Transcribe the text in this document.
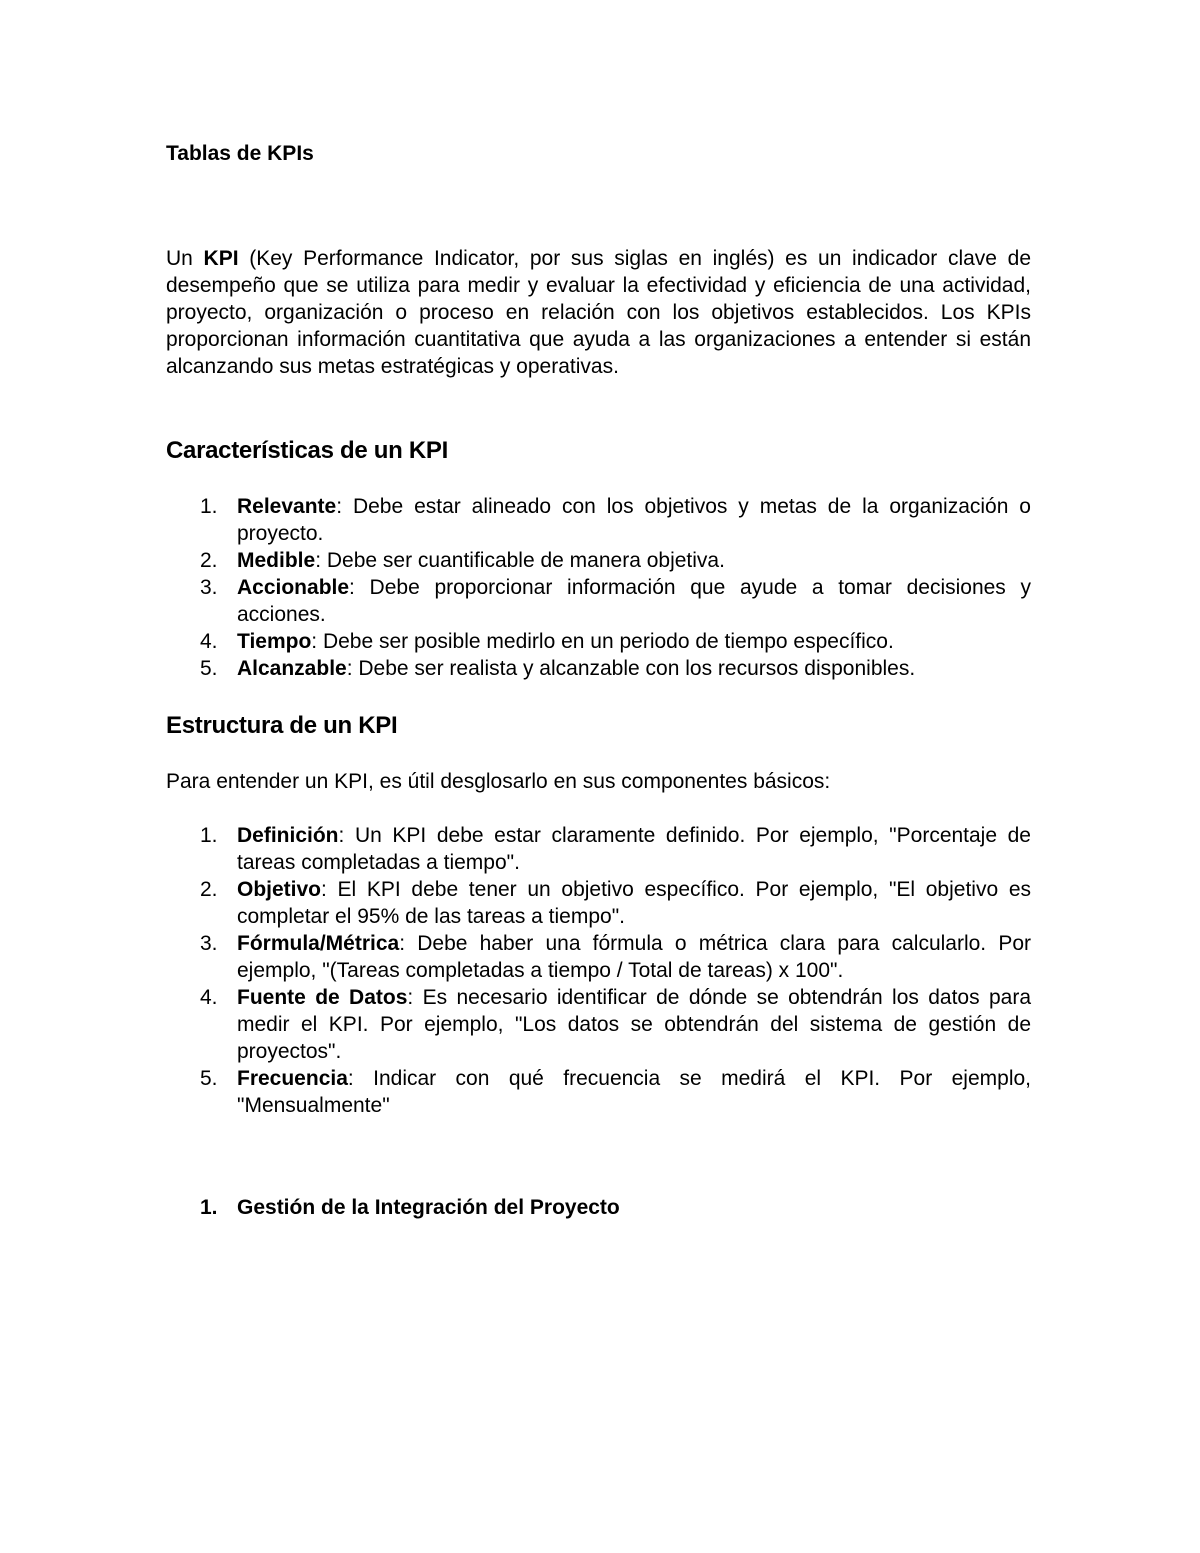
Tablas de KPIs

Un KPI (Key Performance Indicator, por sus siglas en inglés) es un indicador clave de desempeño que se utiliza para medir y evaluar la efectividad y eficiencia de una actividad, proyecto, organización o proceso en relación con los objetivos establecidos. Los KPIs proporcionan información cuantitativa que ayuda a las organizaciones a entender si están alcanzando sus metas estratégicas y operativas.

Características de un KPI
1. Relevante: Debe estar alineado con los objetivos y metas de la organización o proyecto.
2. Medible: Debe ser cuantificable de manera objetiva.
3. Accionable: Debe proporcionar información que ayude a tomar decisiones y acciones.
4. Tiempo: Debe ser posible medirlo en un periodo de tiempo específico.
5. Alcanzable: Debe ser realista y alcanzable con los recursos disponibles.
Estructura de un KPI

Para entender un KPI, es útil desglosarlo en sus componentes básicos:

1. Definición: Un KPI debe estar claramente definido. Por ejemplo, "Porcentaje de tareas completadas a tiempo".
2. Objetivo: El KPI debe tener un objetivo específico. Por ejemplo, "El objetivo es completar el 95% de las tareas a tiempo".
3. Fórmula/Métrica: Debe haber una fórmula o métrica clara para calcularlo. Por ejemplo, "(Tareas completadas a tiempo / Total de tareas) x 100".
4. Fuente de Datos: Es necesario identificar de dónde se obtendrán los datos para medir el KPI. Por ejemplo, "Los datos se obtendrán del sistema de gestión de proyectos".
5. Frecuencia: Indicar con qué frecuencia se medirá el KPI. Por ejemplo, "Mensualmente"
1. Gestión de la Integración del Proyecto
